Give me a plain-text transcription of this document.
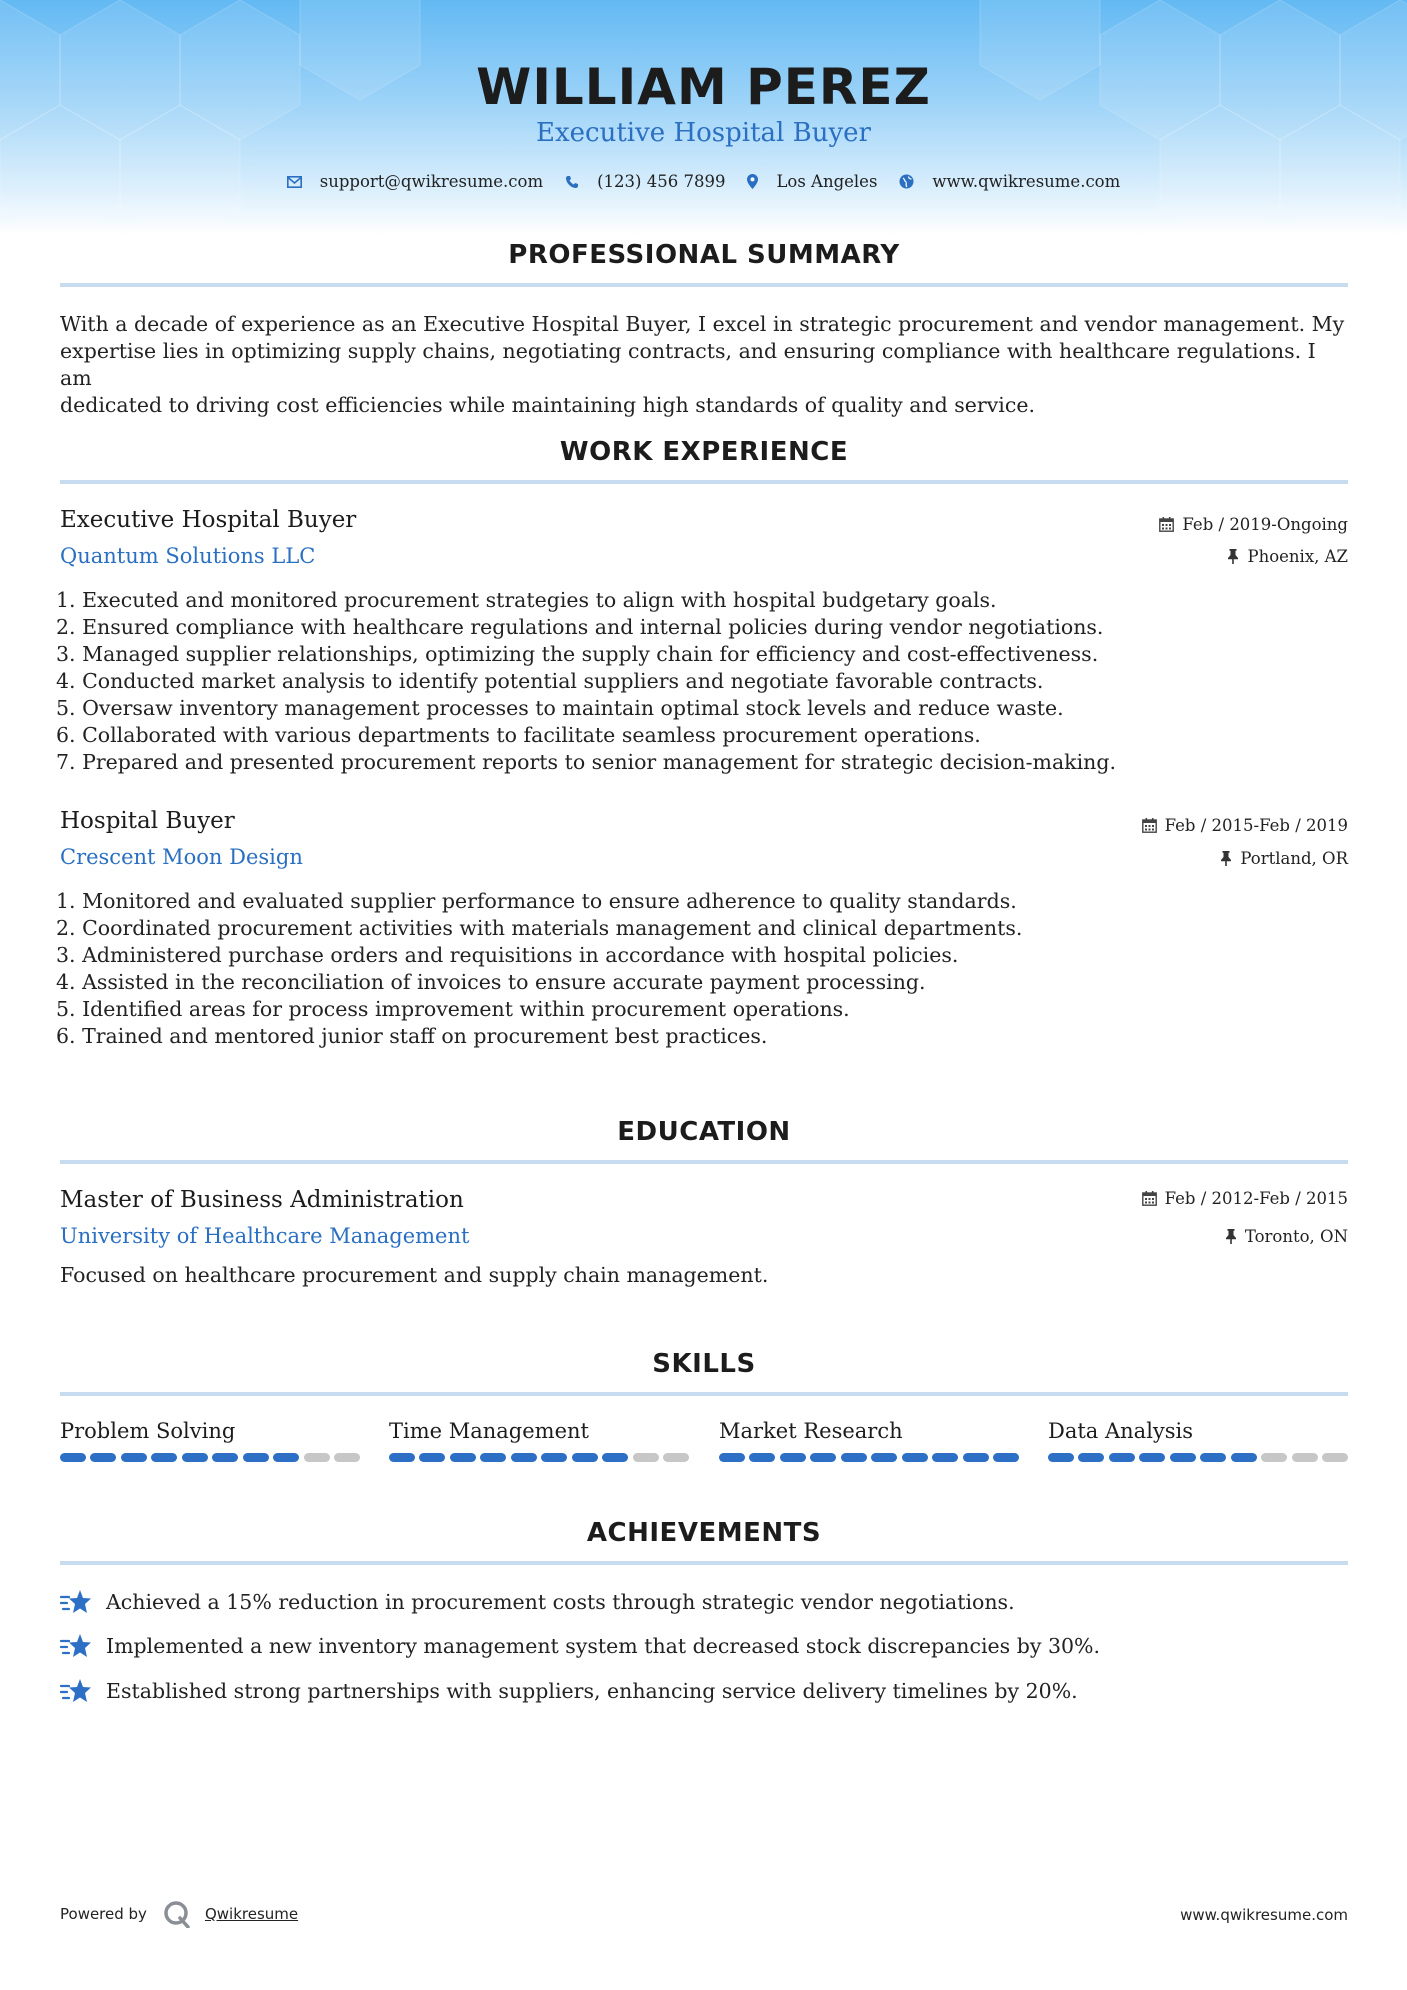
WILLIAM PEREZ
Executive Hospital Buyer
support@qwikresume.com	(123) 456 7899	Los Angeles	www.qwikresume.com
PROFESSIONAL SUMMARY
With a decade of experience as an Executive Hospital Buyer, I excel in strategic procurement and vendor management. My
expertise lies in optimizing supply chains, negotiating contracts, and ensuring compliance with healthcare regulations. I am
dedicated to driving cost efficiencies while maintaining high standards of quality and service.
WORK EXPERIENCE
Executive Hospital Buyer	Feb / 2019-Ongoing
Quantum Solutions LLC	Phoenix, AZ
1. Executed and monitored procurement strategies to align with hospital budgetary goals.
2. Ensured compliance with healthcare regulations and internal policies during vendor negotiations.
3. Managed supplier relationships, optimizing the supply chain for efficiency and cost-effectiveness.
4. Conducted market analysis to identify potential suppliers and negotiate favorable contracts.
5. Oversaw inventory management processes to maintain optimal stock levels and reduce waste.
6. Collaborated with various departments to facilitate seamless procurement operations.
7. Prepared and presented procurement reports to senior management for strategic decision-making.
Hospital Buyer	Feb / 2015-Feb / 2019
Crescent Moon Design	Portland, OR
1. Monitored and evaluated supplier performance to ensure adherence to quality standards.
2. Coordinated procurement activities with materials management and clinical departments.
3. Administered purchase orders and requisitions in accordance with hospital policies.
4. Assisted in the reconciliation of invoices to ensure accurate payment processing.
5. Identified areas for process improvement within procurement operations.
6. Trained and mentored junior staff on procurement best practices.
EDUCATION
Master of Business Administration	Feb / 2012-Feb / 2015
University of Healthcare Management	Toronto, ON
Focused on healthcare procurement and supply chain management.
SKILLS
Problem Solving	Time Management	Market Research	Data Analysis
ACHIEVEMENTS
Achieved a 15% reduction in procurement costs through strategic vendor negotiations.
Implemented a new inventory management system that decreased stock discrepancies by 30%.
Established strong partnerships with suppliers, enhancing service delivery timelines by 20%.
Powered by	Qwikresume	www.qwikresume.com
